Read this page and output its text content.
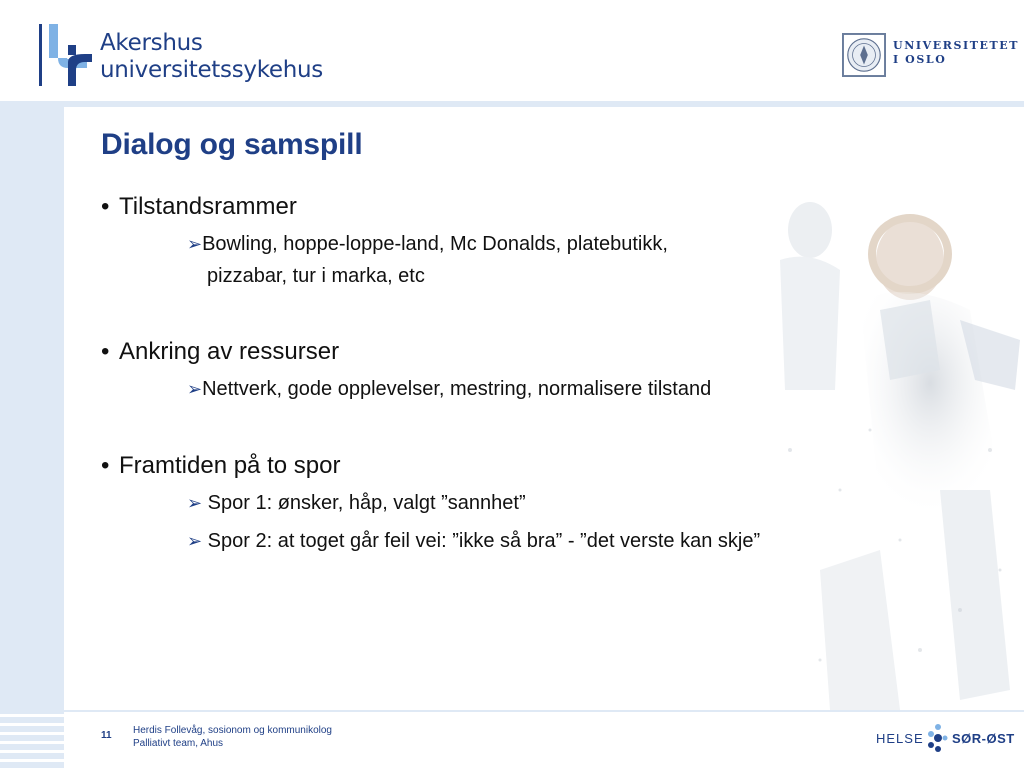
Akershus
universitetssykehus
UNIVERSITETET
I OSLO
Dialog og samspill
• Tilstandsrammer
➢Bowling, hoppe-loppe-land, Mc Donalds, platebutikk,
pizzabar, tur i marka, etc
• Ankring av ressurser
➢Nettverk, gode opplevelser, mestring, normalisere tilstand
• Framtiden på to spor
➢ Spor 1: ønsker, håp, valgt ”sannhet”
➢ Spor 2: at toget går feil vei: ”ikke så bra” - ”det verste kan skje”
11 Herdis Follevåg, sosionom og kommunikolog
Palliativt team, Ahus	HELSE SØR-ØST
